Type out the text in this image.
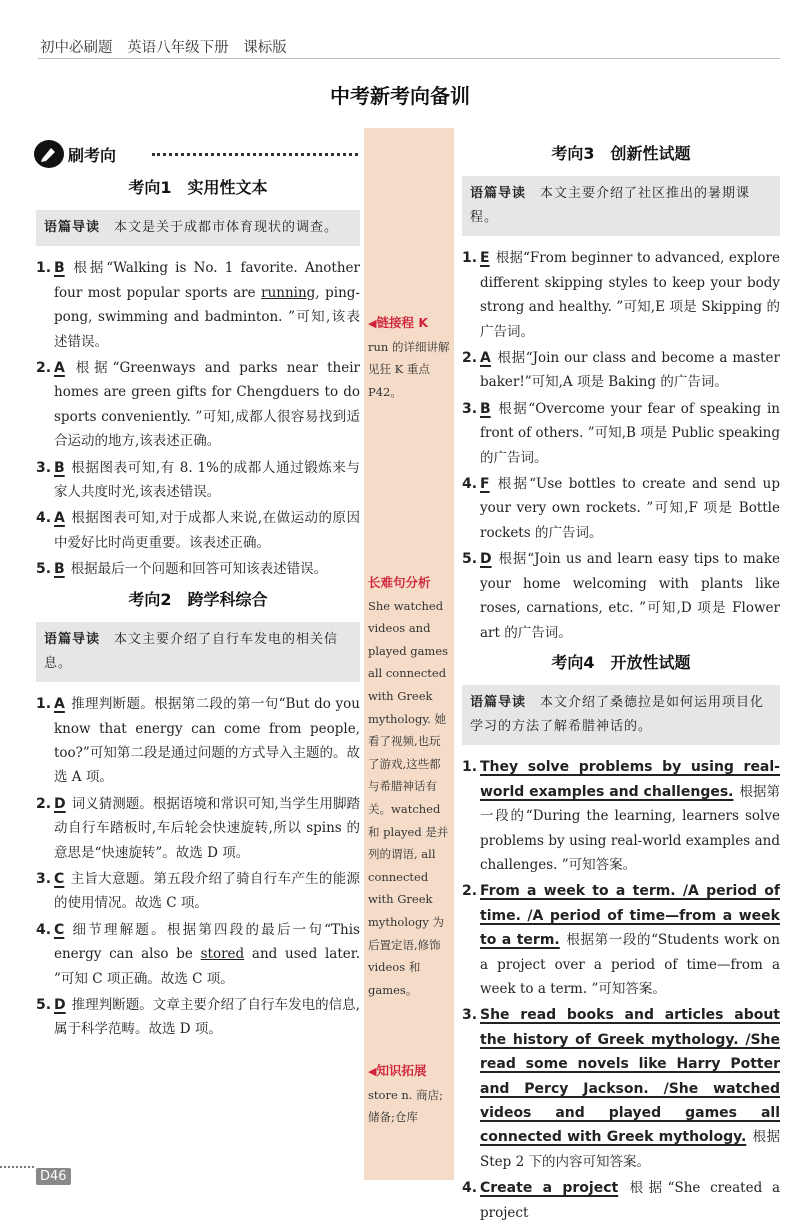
初中必刷题 英语八年级下册 课标版
中考新考向备训
刷考向
考向1　实用性文本
语篇导读　 本文是关于成都市体育现状的调查。
1. B 根据“Walking is No. 1 favorite. Another four most popular sports are running, ping-pong, swimming and badminton. ”可知,该表述错误。
2. A 根据“Greenways and parks near their homes are green gifts for Chengduers to do sports conveniently. ”可知,成都人很容易找到适合运动的地方,该表述正确。
3. B 根据图表可知,有 8. 1%的成都人通过锻炼来与家人共度时光,该表述错误。
4. A 根据图表可知,对于成都人来说,在做运动的原因中爱好比时尚更重要。该表述正确。
5. B 根据最后一个问题和回答可知该表述错误。
考向2　跨学科综合
语篇导读　 本文主要介绍了自行车发电的相关信息。
1. A 推理判断题。根据第二段的第一句“But do you know that energy can come from people, too?”可知第二段是通过问题的方式导入主题的。故选 A 项。
2. D 词义猜测题。根据语境和常识可知,当学生用脚踏动自行车踏板时,车后轮会快速旋转,所以 spins 的意思是“快速旋转”。故选 D 项。
3. C 主旨大意题。第五段介绍了骑自行车产生的能源的使用情况。故选 C 项。
4. C 细节理解题。根据第四段的最后一句“This energy can also be stored and used later. ”可知 C 项正确。故选 C 项。
5. D 推理判断题。文章主要介绍了自行车发电的信息,属于科学范畴。故选 D 项。
◀链接程 K
run 的详细讲解见狂 K 重点 P42。
长难句分析
She watched videos and played games all connected with Greek mythology. 她看了视频,也玩了游戏,这些都与希腊神话有关。watched 和 played 是并列的谓语, all connected with Greek mythology 为后置定语,修饰 videos 和 games。
◀知识拓展
store n. 商店;储备;仓库
考向3　创新性试题
语篇导读　 本文主要介绍了社区推出的暑期课程。
1. E 根据“From beginner to advanced, explore different skipping styles to keep your body strong and healthy. ”可知,E 项是 Skipping 的广告词。
2. A 根据“Join our class and become a master baker!”可知,A 项是 Baking 的广告词。
3. B 根据“Overcome your fear of speaking in front of others. ”可知,B 项是 Public speaking 的广告词。
4. F 根据“Use bottles to create and send up your very own rockets. ”可知,F 项是 Bottle rockets 的广告词。
5. D 根据“Join us and learn easy tips to make your home welcoming with plants like roses, carnations, etc. ”可知,D 项是 Flower art 的广告词。
考向4　开放性试题
语篇导读　 本文介绍了桑德拉是如何运用项目化学习的方法了解希腊神话的。
1. They solve problems by using real-world examples and challenges. 根据第一段的“During the learning, learners solve problems by using real-world examples and challenges. ”可知答案。
2. From a week to a term. /A period of time. /A period of time—from a week to a term. 根据第一段的“Students work on a project over a period of time—from a week to a term. ”可知答案。
3. She read books and articles about the history of Greek mythology. /She read some novels like Harry Potter and Percy Jackson. /She watched videos and played games all connected with Greek mythology. 根据 Step 2 下的内容可知答案。
4. Create a project 根据“She created a project
D46
